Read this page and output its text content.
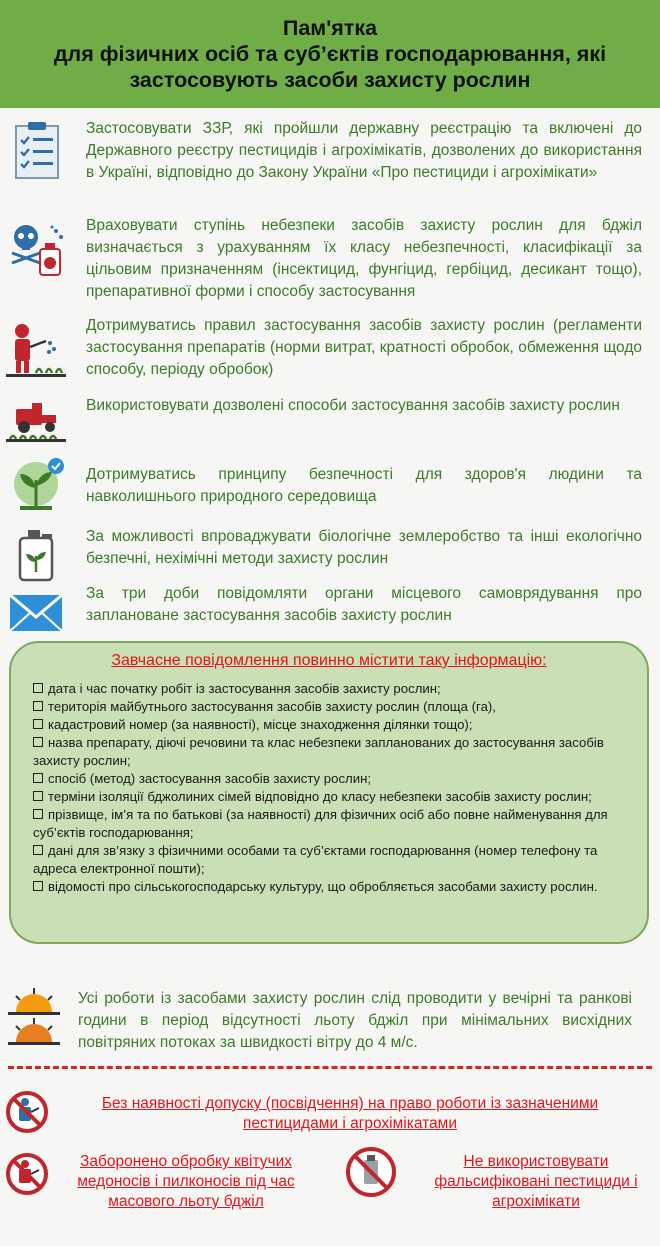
Пам'ятка
для фізичних осіб та суб’єктів господарювання, які
застосовують засоби захисту рослин

Застосовувати ЗЗР, які пройшли державну реєстрацію та включені до Державного реєстру пестицидів і агрохімікатів, дозволених до використання в Україні, відповідно до Закону України «Про пестициди і агрохімікати»

Враховувати ступінь небезпеки засобів захисту рослин для бджіл визначається з урахуванням їх класу небезпечності, класифікації за цільовим призначенням (інсектицид, фунгіцид, гербіцид, десикант тощо), препаративної форми і способу застосування

Дотримуватись правил застосування засобів захисту рослин (регламенти застосування препаратів (норми витрат, кратності обробок, обмеження щодо способу, періоду обробок)

Використовувати дозволені способи застосування засобів захисту рослин

Дотримуватись принципу безпечності для здоров'я людини та навколишнього природного середовища

За можливості впроваджувати біологічне землеробство та інші екологічно безпечні, нехімічні методи захисту рослин

За три доби повідомляти органи місцевого самоврядування про заплановане застосування засобів захисту рослин

Завчасне повідомлення повинно містити таку інформацію:
дата і час початку робіт із застосування засобів захисту рослин;
територія майбутнього застосування засобів захисту рослин (площа (га),
кадастровий номер (за наявності), місце знаходження ділянки тощо);
назва препарату, діючі речовини та клас небезпеки запланованих до застосування засобів захисту рослин;
спосіб (метод) застосування засобів захисту рослин;
терміни ізоляції бджолиних сімей відповідно до класу небезпеки засобів захисту рослин;
прізвище, ім’я та по батькові (за наявності) для фізичних осіб або повне найменування для суб’єктів господарювання;
дані для зв’язку з фізичними особами та суб’єктами господарювання (номер телефону та адреса електронної пошти);
відомості про сільськогосподарську культуру, що обробляється засобами захисту рослин.

Усі роботи із засобами захисту рослин слід проводити у вечірні та ранкові години в період відсутності льоту бджіл при мінімальних висхідних повітряних потоках за швидкості вітру до 4 м/с.

Без наявності допуску (посвідчення) на право роботи із зазначеними пестицидами і агрохімікатами
Заборонено обробку квітучих медоносів і пилконосів під час масового льоту бджіл
Не використовувати фальсифіковані пестициди і агрохімікати
